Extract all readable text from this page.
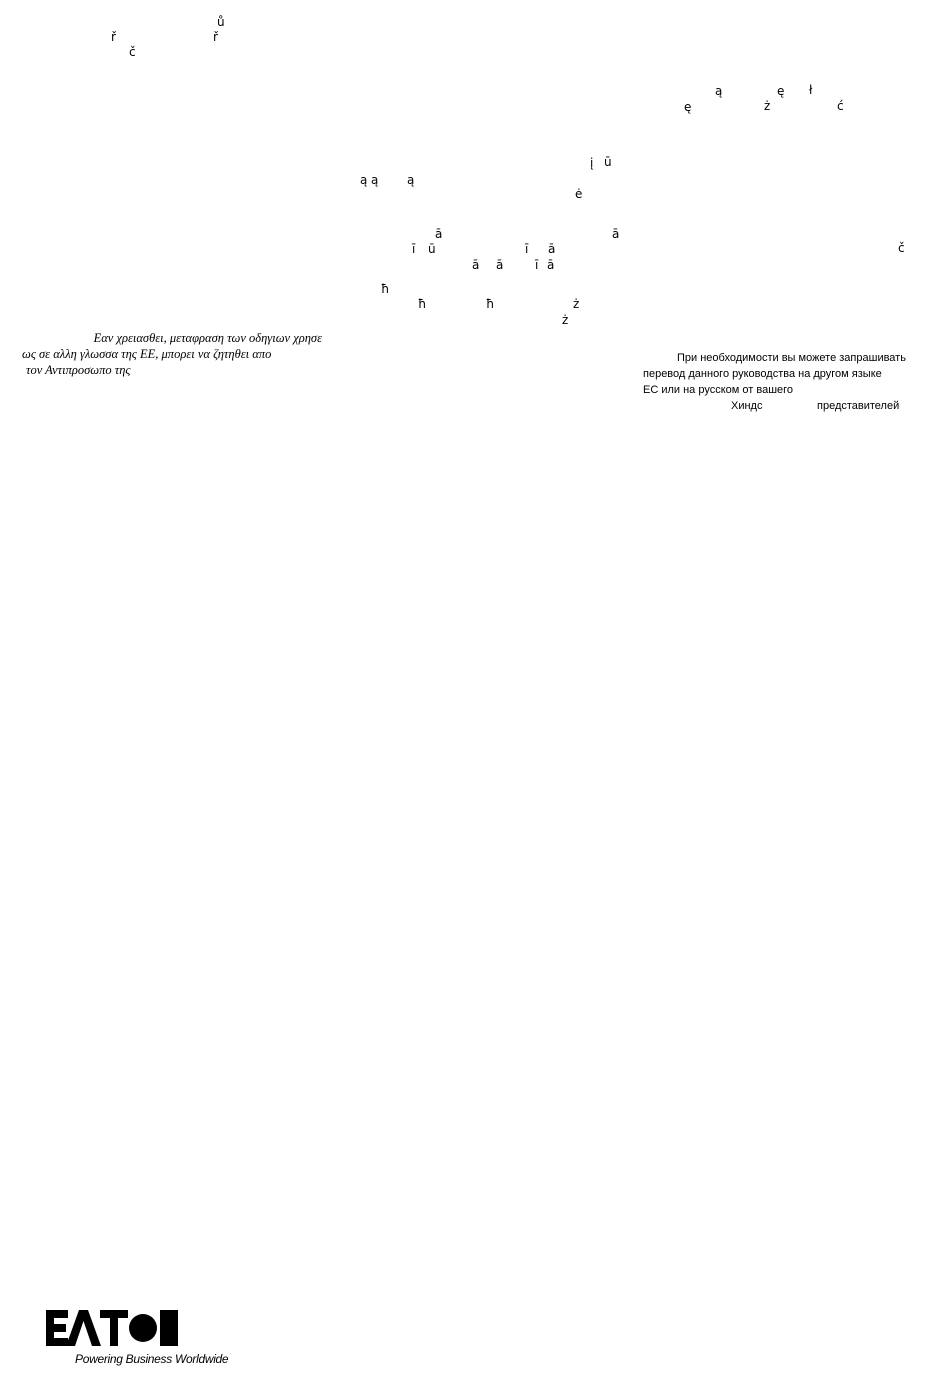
ů
ř	ř
č
ą	ę ł
ę	ż	ć
į ū
ą ą ą
ė
ā	ā
ī ū	ī ā	č
ā ā	ī ā
ħ
ħ	ħ	ż
ż
Εαν χρειασθει, μεταφραση των οδηγιων χρησε
ως σε αλλη γλωσσα της ΕΕ, μπορει να ζητηθει απο
τον Αντιπροσωπο της
При необходимости вы можете запрашивать
перевод данного руководства на другом языке
ЕС или на русском от вашего
Хиндс	представителей
Powering Business Worldwide
